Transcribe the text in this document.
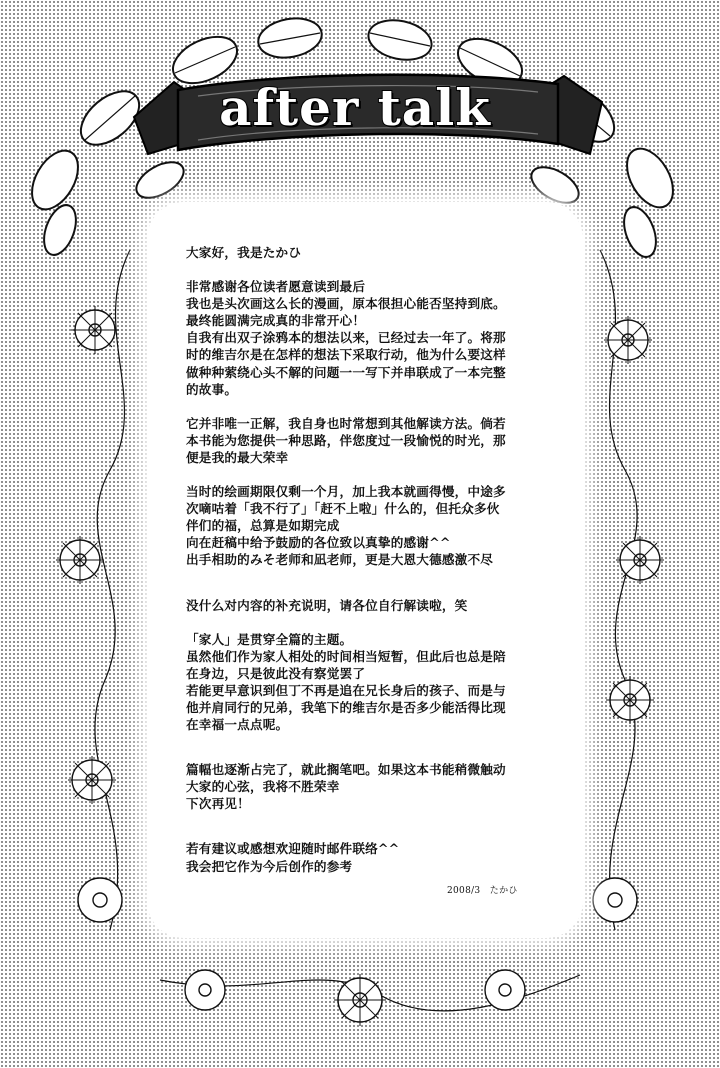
after talk

大家好，我是たかひ

非常感谢各位读者愿意读到最后

我也是头次画这么长的漫画，原本很担心能否坚持到底。

最终能圆满完成真的非常开心！

自我有出双子涂鸦本的想法以来，已经过去一年了。将那

时的维吉尔是在怎样的想法下采取行动，他为什么要这样

做种种萦绕心头不解的问题一一写下并串联成了一本完整

的故事。

它并非唯一正解，我自身也时常想到其他解读方法。倘若

本书能为您提供一种思路，伴您度过一段愉悦的时光，那

便是我的最大荣幸

当时的绘画期限仅剩一个月，加上我本就画得慢，中途多

次嘀咕着「我不行了」「赶不上啦」什么的，但托众多伙

伴们的福，总算是如期完成

向在赶稿中给予鼓励的各位致以真挚的感谢^^

出手相助的みそ老师和凪老师，更是大恩大德感激不尽

没什么对内容的补充说明，请各位自行解读啦，笑

「家人」是贯穿全篇的主题。

虽然他们作为家人相处的时间相当短暂，但此后也总是陪

在身边，只是彼此没有察觉罢了

若能更早意识到但丁不再是追在兄长身后的孩子、而是与

他并肩同行的兄弟，我笔下的维吉尔是否多少能活得比现

在幸福一点点呢。

篇幅也逐渐占完了，就此搁笔吧。如果这本书能稍微触动

大家的心弦，我将不胜荣幸

下次再见！

若有建议或感想欢迎随时邮件联络^^

我会把它作为今后创作的参考

2008/3　たかひ
